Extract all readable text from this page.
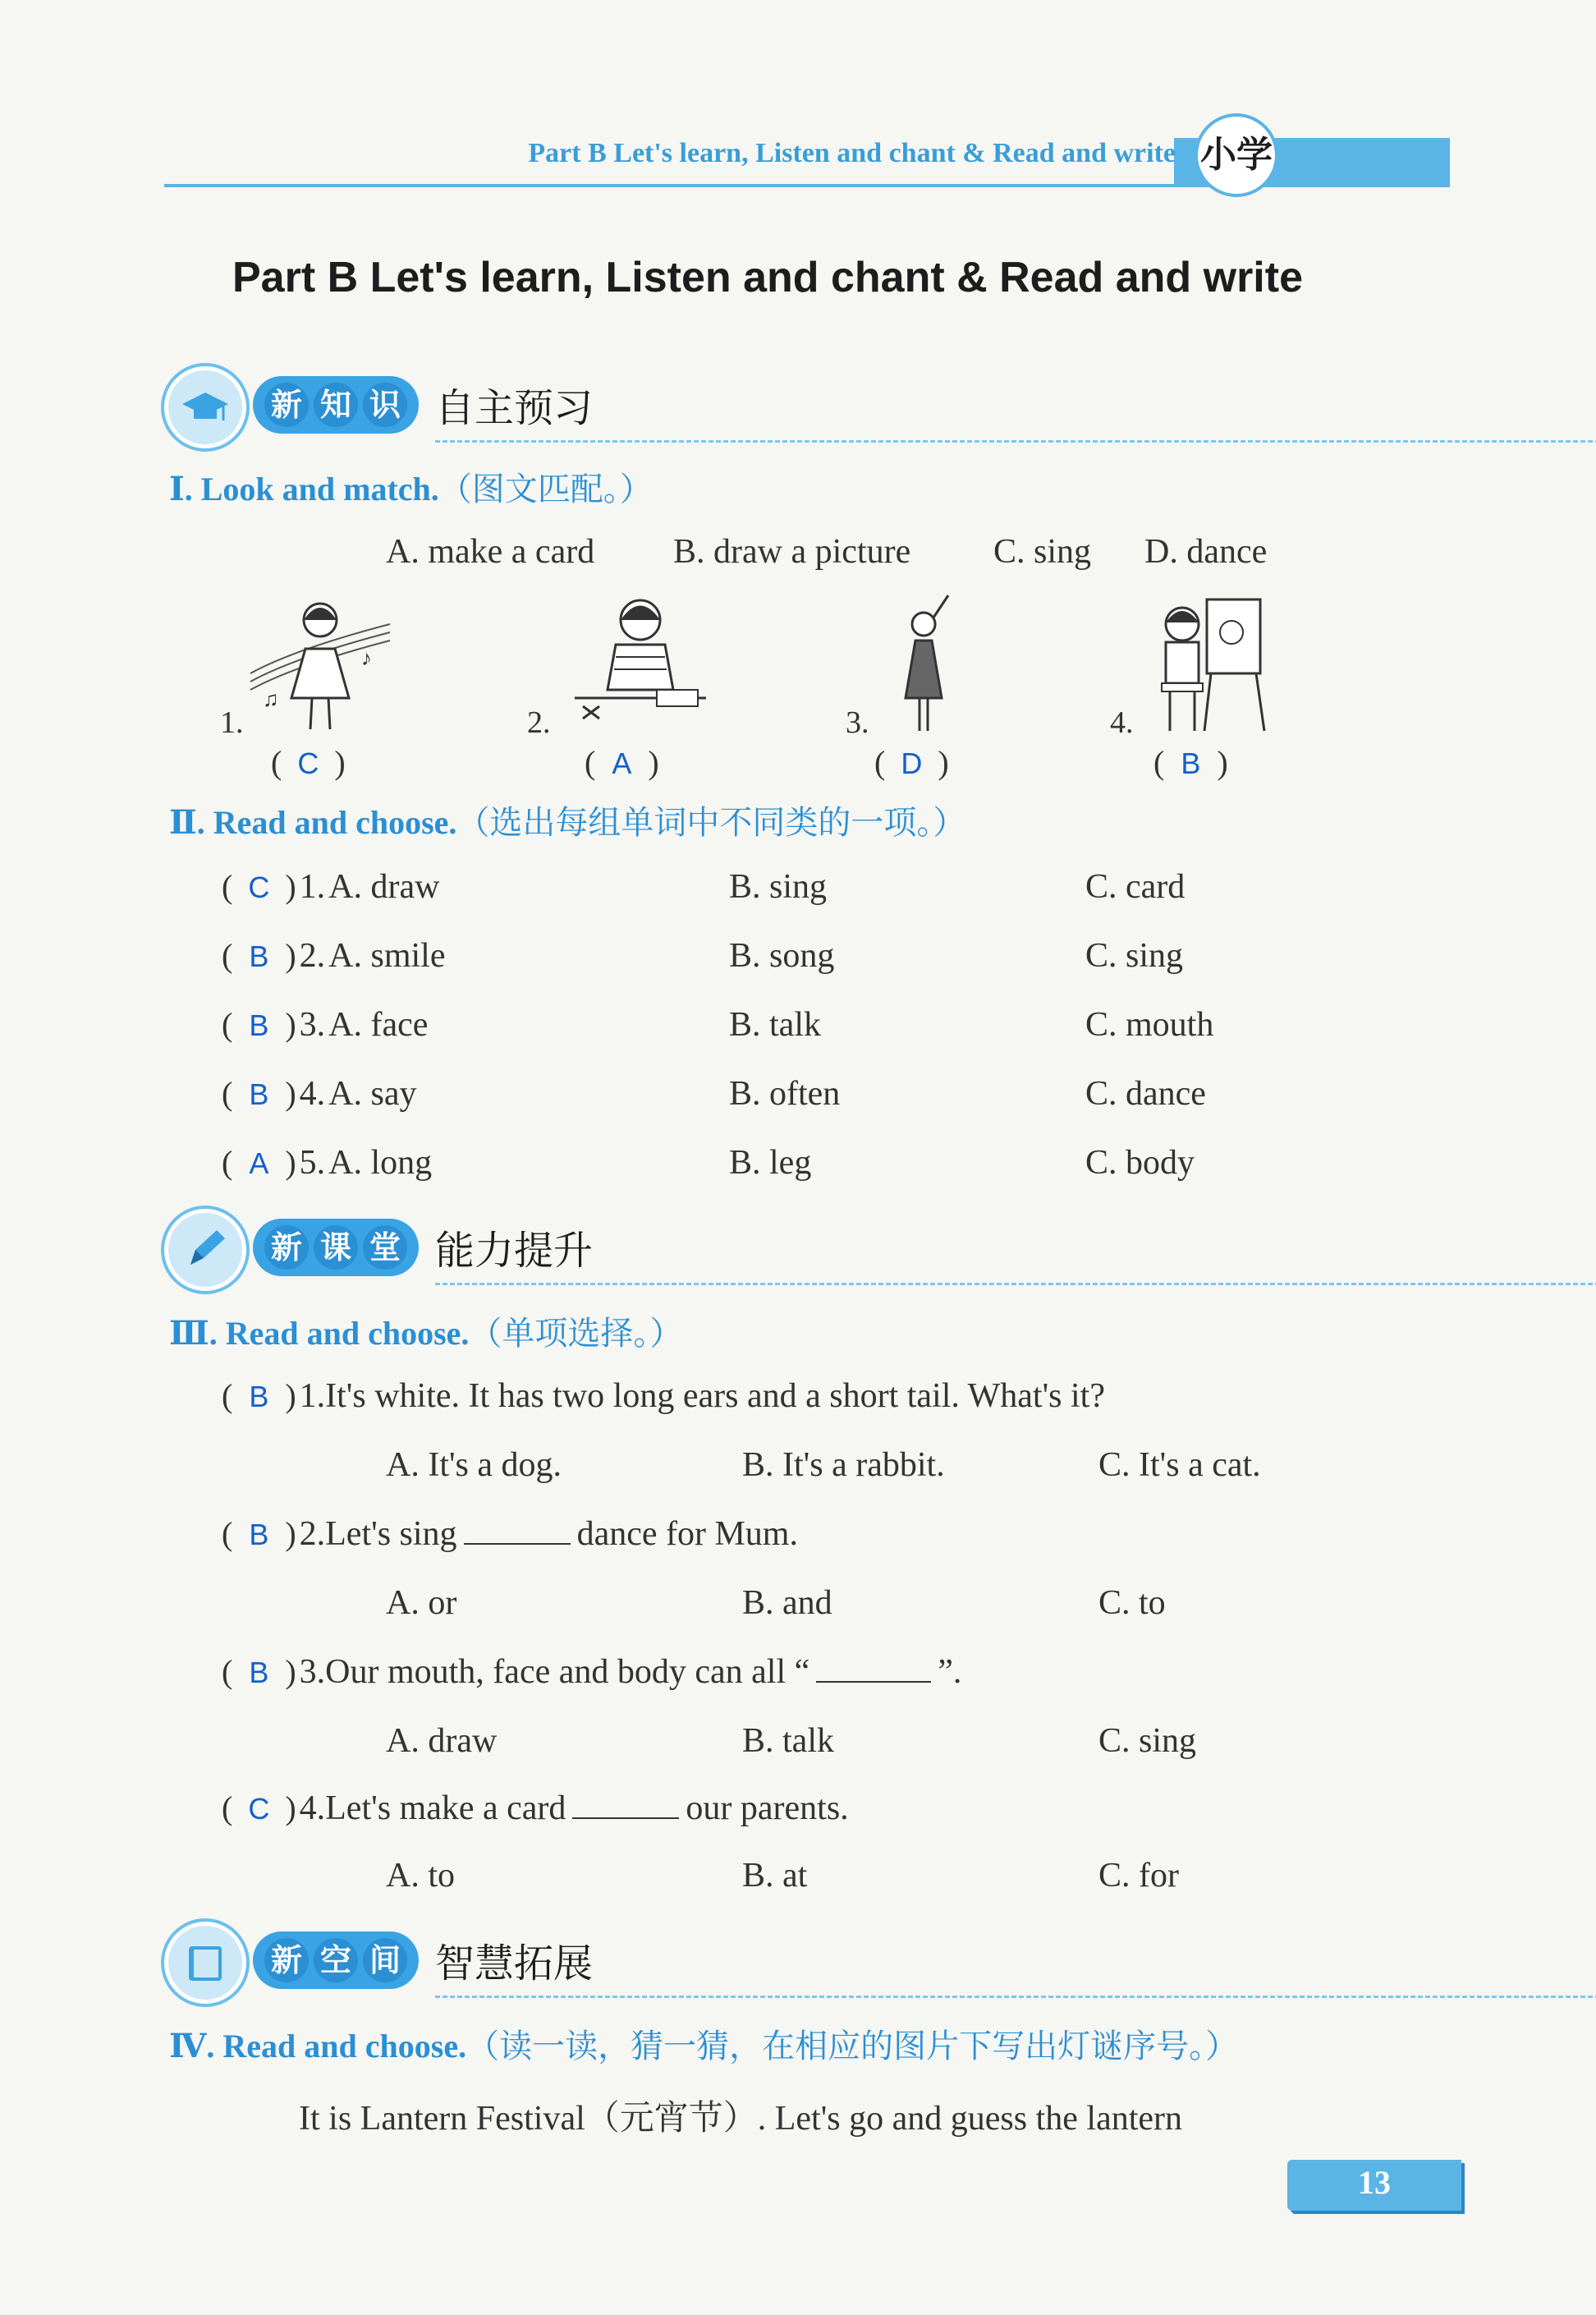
Part B Let's learn, Listen and chant & Read and write 小学
Part B Let's learn, Listen and chant & Read and write
新 知 识 自主预习
Ⅰ. Look and match.（图文匹配。）
A. make a card B. draw a picture C. sing D. dance
♪
♫
1.
( C )
2.
( A )
3.
( D )
4.
( B )
Ⅱ. Read and choose.（选出每组单词中不同类的一项。）
( C ) 1. A. draw	B. sing	C. card
( B ) 2. A. smile	B. song	C. sing
( B ) 3. A. face	B. talk	C. mouth
( B ) 4. A. say	B. often	C. dance
( A ) 5. A. long	B. leg	C. body
新 课 堂 能力提升
Ⅲ. Read and choose.（单项选择。）
( B ) 1.It's white. It has two long ears and a short tail. What's it?
A. It's a dog.	B. It's a rabbit.	C. It's a cat.
( B ) 2.Let's sing	dance for Mum.
A. or	B. and	C. to
( B ) 3.Our mouth, face and body can all “	”.
A. draw	B. talk	C. sing
( C ) 4.Let's make a card	our parents.
A. to	B. at	C. for
新 空 间 智慧拓展
Ⅳ. Read and choose.（读一读，猜一猜，在相应的图片下写出灯谜序号。）
It is Lantern Festival（元宵节）. Let's go and guess the lantern
13
